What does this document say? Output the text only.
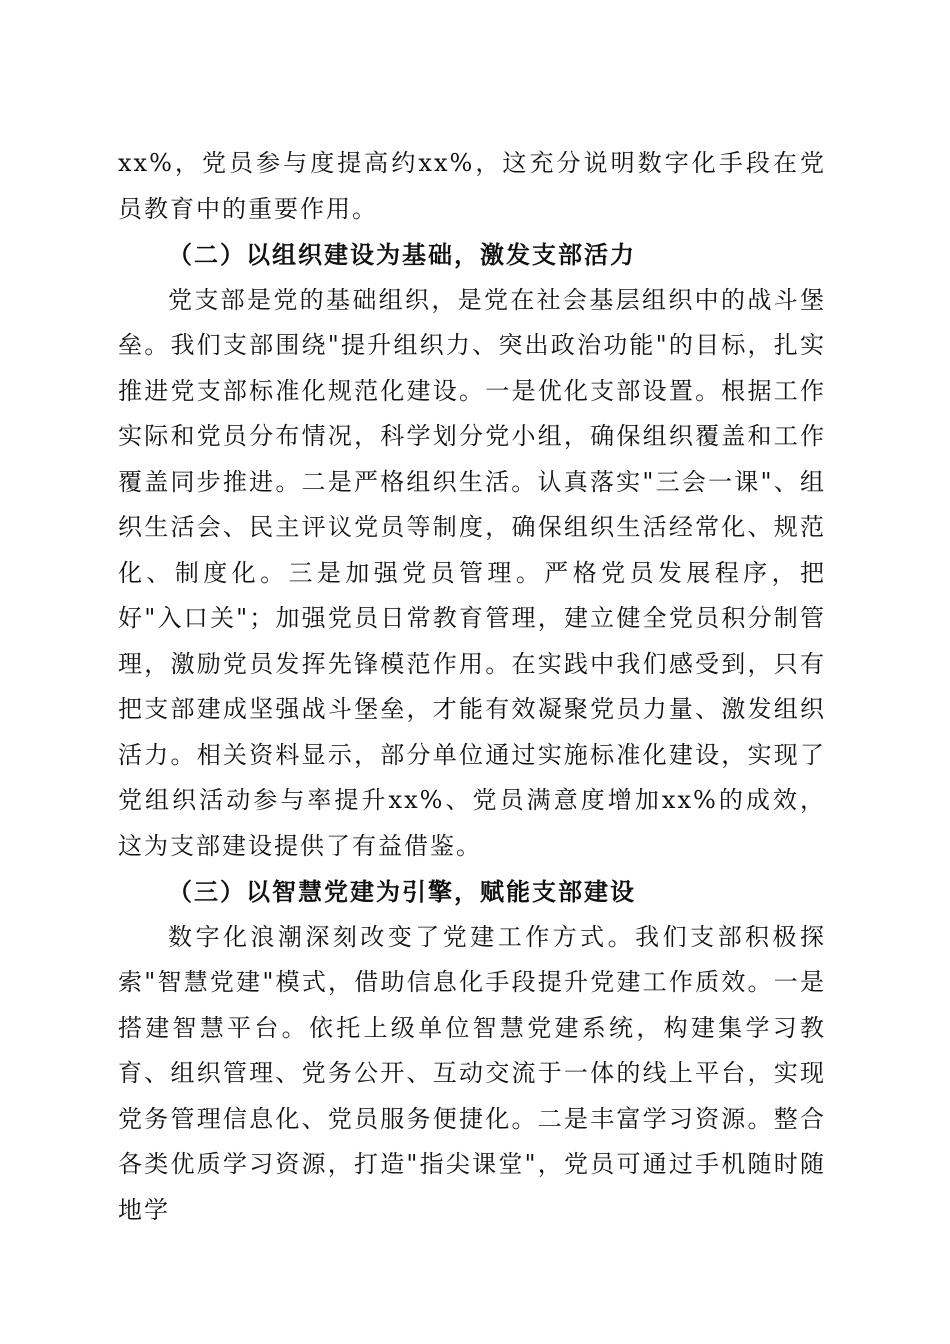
xx%，党员参与度提高约xx%，这充分说明数字化手段在党员教育中的重要作用。

（二）以组织建设为基础，激发支部活力

党支部是党的基础组织，是党在社会基层组织中的战斗堡垒。我们支部围绕"提升组织力、突出政治功能"的目标，扎实推进党支部标准化规范化建设。一是优化支部设置。根据工作实际和党员分布情况，科学划分党小组，确保组织覆盖和工作覆盖同步推进。二是严格组织生活。认真落实"三会一课"、组织生活会、民主评议党员等制度，确保组织生活经常化、规范化、制度化。三是加强党员管理。严格党员发展程序，把好"入口关"；加强党员日常教育管理，建立健全党员积分制管理，激励党员发挥先锋模范作用。在实践中我们感受到，只有把支部建成坚强战斗堡垒，才能有效凝聚党员力量、激发组织活力。相关资料显示，部分单位通过实施标准化建设，实现了党组织活动参与率提升xx%、党员满意度增加xx%的成效，这为支部建设提供了有益借鉴。

（三）以智慧党建为引擎，赋能支部建设

数字化浪潮深刻改变了党建工作方式。我们支部积极探索"智慧党建"模式，借助信息化手段提升党建工作质效。一是搭建智慧平台。依托上级单位智慧党建系统，构建集学习教育、组织管理、党务公开、互动交流于一体的线上平台，实现党务管理信息化、党员服务便捷化。二是丰富学习资源。整合各类优质学习资源，打造"指尖课堂"，党员可通过手机随时随地学
